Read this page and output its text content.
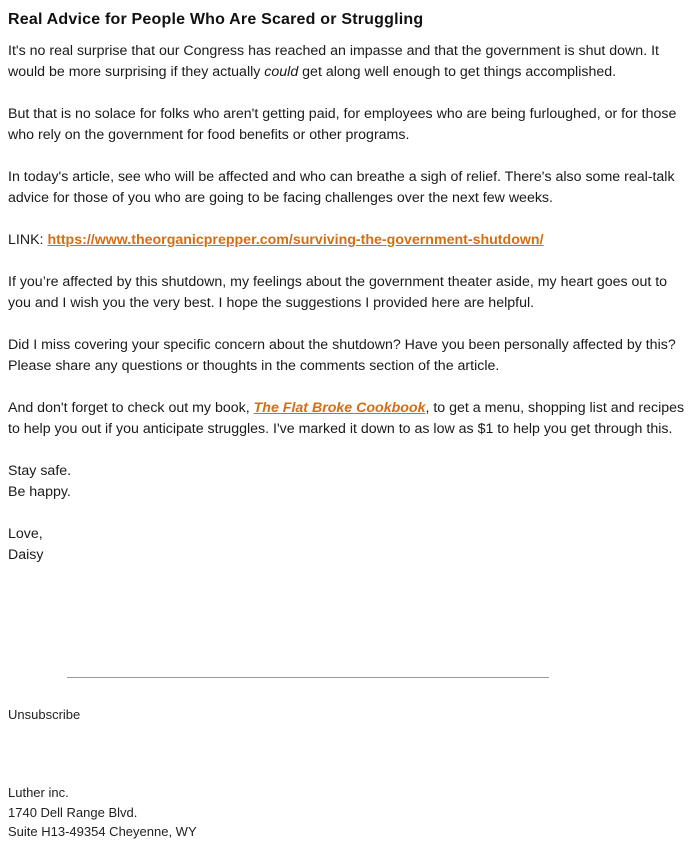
Real Advice for People Who Are Scared or Struggling

It's no real surprise that our Congress has reached an impasse and that the government is shut down. It would be more surprising if they actually could get along well enough to get things accomplished.

But that is no solace for folks who aren't getting paid, for employees who are being furloughed, or for those who rely on the government for food benefits or other programs.

In today's article, see who will be affected and who can breathe a sigh of relief. There's also some real-talk advice for those of you who are going to be facing challenges over the next few weeks.

LINK: https://www.theorganicprepper.com/surviving-the-government-shutdown/

If you’re affected by this shutdown, my feelings about the government theater aside, my heart goes out to you and I wish you the very best. I hope the suggestions I provided here are helpful.

Did I miss covering your specific concern about the shutdown? Have you been personally affected by this? Please share any questions or thoughts in the comments section of the article.

And don't forget to check out my book, The Flat Broke Cookbook, to get a menu, shopping list and recipes to help you out if you anticipate struggles. I've marked it down to as low as $1 to help you get through this.

Stay safe.

Be happy.

Love,

Daisy

Unsubscribe
Luther inc.
1740 Dell Range Blvd.
Suite H13-49354 Cheyenne, WY
